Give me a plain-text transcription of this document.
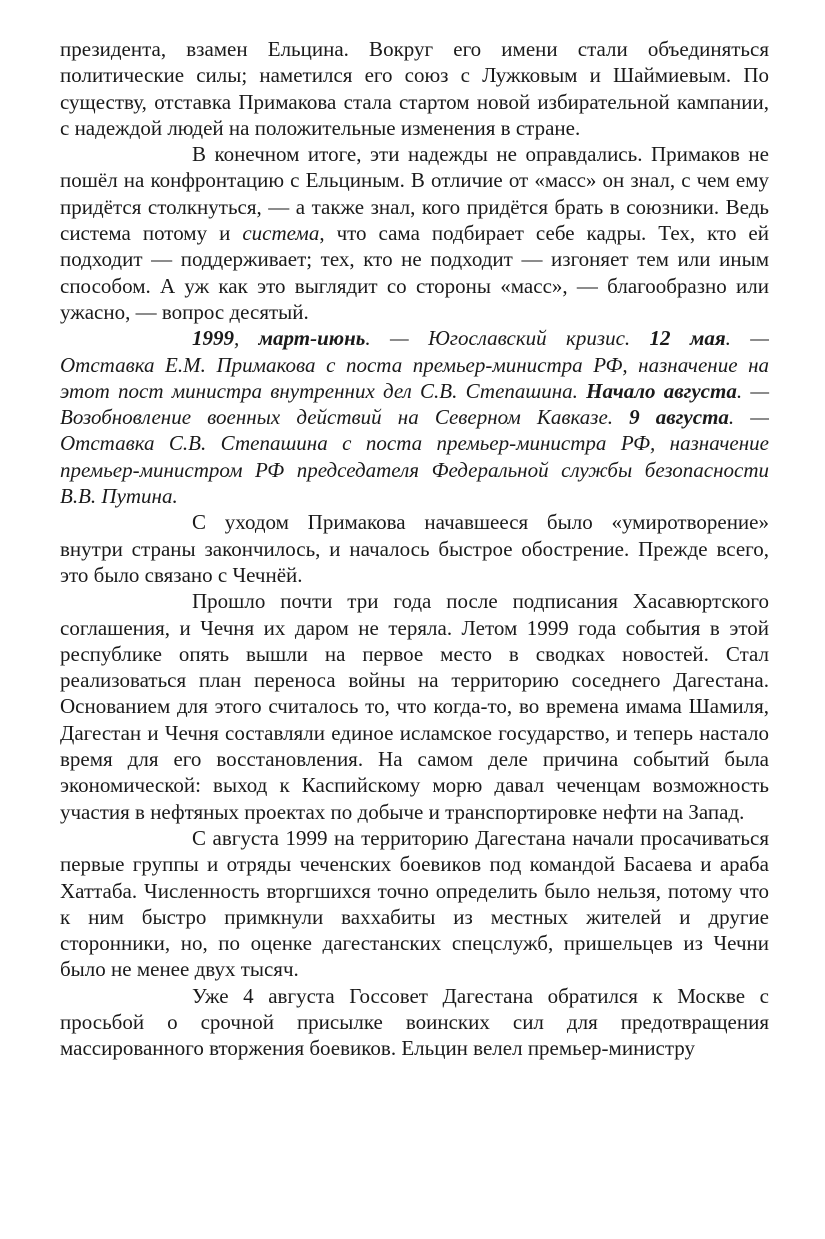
президента, взамен Ельцина. Вокруг его имени стали объединяться политические силы; наметился его союз с Лужковым и Шаймиевым. По существу, отставка Примакова стала стартом новой избирательной кампании, с надеждой людей на положительные изменения в стране.

В конечном итоге, эти надежды не оправдались. Примаков не пошёл на конфронтацию с Ельциным. В отличие от «масс» он знал, с чем ему придётся столкнуться, — а также знал, кого придётся брать в союзники. Ведь система потому и система, что сама подбирает себе кадры. Тех, кто ей подходит — поддерживает; тех, кто не подходит — изгоняет тем или иным способом. А уж как это выглядит со стороны «масс», — благообразно или ужасно, — вопрос десятый.

1999, март-июнь. — Югославский кризис. 12 мая. — Отставка Е.М. Примакова с поста премьер-министра РФ, назначение на этот пост министра внутренних дел С.В. Степашина. Начало августа. — Возобновление военных действий на Северном Кавказе. 9 августа. — Отставка С.В. Степашина с поста премьер-министра РФ, назначение премьер-министром РФ председателя Федеральной службы безопасности В.В. Путина.

С уходом Примакова начавшееся было «умиротворение» внутри страны закончилось, и началось быстрое обострение. Прежде всего, это было связано с Чечнёй.

Прошло почти три года после подписания Хасавюртского соглашения, и Чечня их даром не теряла. Летом 1999 года события в этой республике опять вышли на первое место в сводках новостей. Стал реализоваться план переноса войны на территорию соседнего Дагестана. Основанием для этого считалось то, что когда-то, во времена имама Шамиля, Дагестан и Чечня составляли единое исламское государство, и теперь настало время для его восстановления. На самом деле причина событий была экономической: выход к Каспийскому морю давал чеченцам возможность участия в нефтяных проектах по добыче и транспортировке нефти на Запад.

С августа 1999 на территорию Дагестана начали просачиваться первые группы и отряды чеченских боевиков под командой Басаева и араба Хаттаба. Численность вторгшихся точно определить было нельзя, потому что к ним быстро примкнули ваххабиты из местных жителей и другие сторонники, но, по оценке дагестанских спецслужб, пришельцев из Чечни было не менее двух тысяч.

Уже 4 августа Госсовет Дагестана обратился к Москве с просьбой о срочной присылке воинских сил для предотвращения массированного вторжения боевиков. Ельцин велел премьер-министру
